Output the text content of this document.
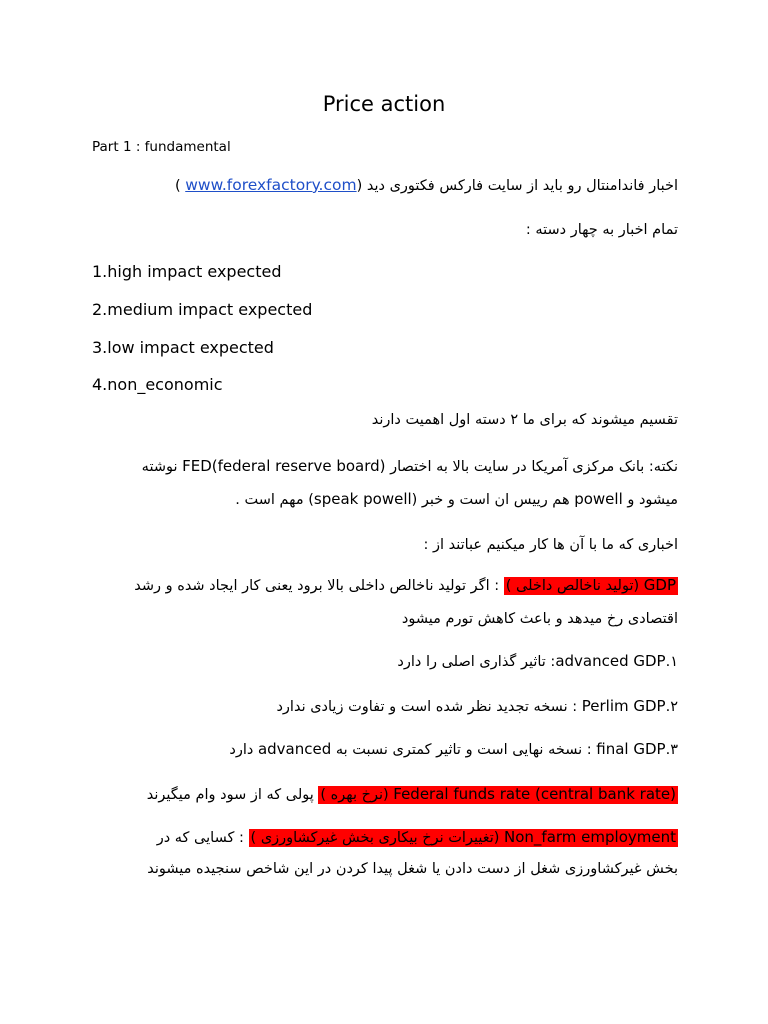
Price action
Part 1 : fundamental
اخبار فاندامنتال رو باید از سایت فارکس فکتوری دید (www.forexfactory.com )
تمام اخبار به چهار دسته :
1.high impact expected
2.medium impact expected
3.low impact expected
4.non_economic
تقسیم میشوند که برای ما ۲ دسته اول اهمیت دارند
نکته: بانک مرکزی آمریکا در سایت بالا به اختصار FED(federal reserve board) نوشته
میشود و powell هم رییس ان است و خبر (speak powell) مهم است .
اخباری که ما با آن ها کار میکنیم عباتند از :
GDP (تولید ناخالص داخلی ) : اگر تولید ناخالص داخلی بالا برود یعنی کار ایجاد شده و رشد
اقتصادی رخ میدهد و باعث کاهش تورم میشود
۱.advanced GDP: تاثیر گذاری اصلی را دارد
۲.Perlim GDP : نسخه تجدید نظر شده است و تفاوت زیادی ندارد
۳.final GDP : نسخه نهایی است و تاثیر کمتری نسبت به advanced دارد
Federal funds rate (central bank rate) (نرخ بهره ) پولی که از سود وام میگیرند
Non_farm employment (تغییرات نرخ بیکاری بخش غیرکشاورزی ) : کسایی که در
بخش غیرکشاورزی شغل از دست دادن یا شغل پیدا کردن در این شاخص سنجیده میشوند
